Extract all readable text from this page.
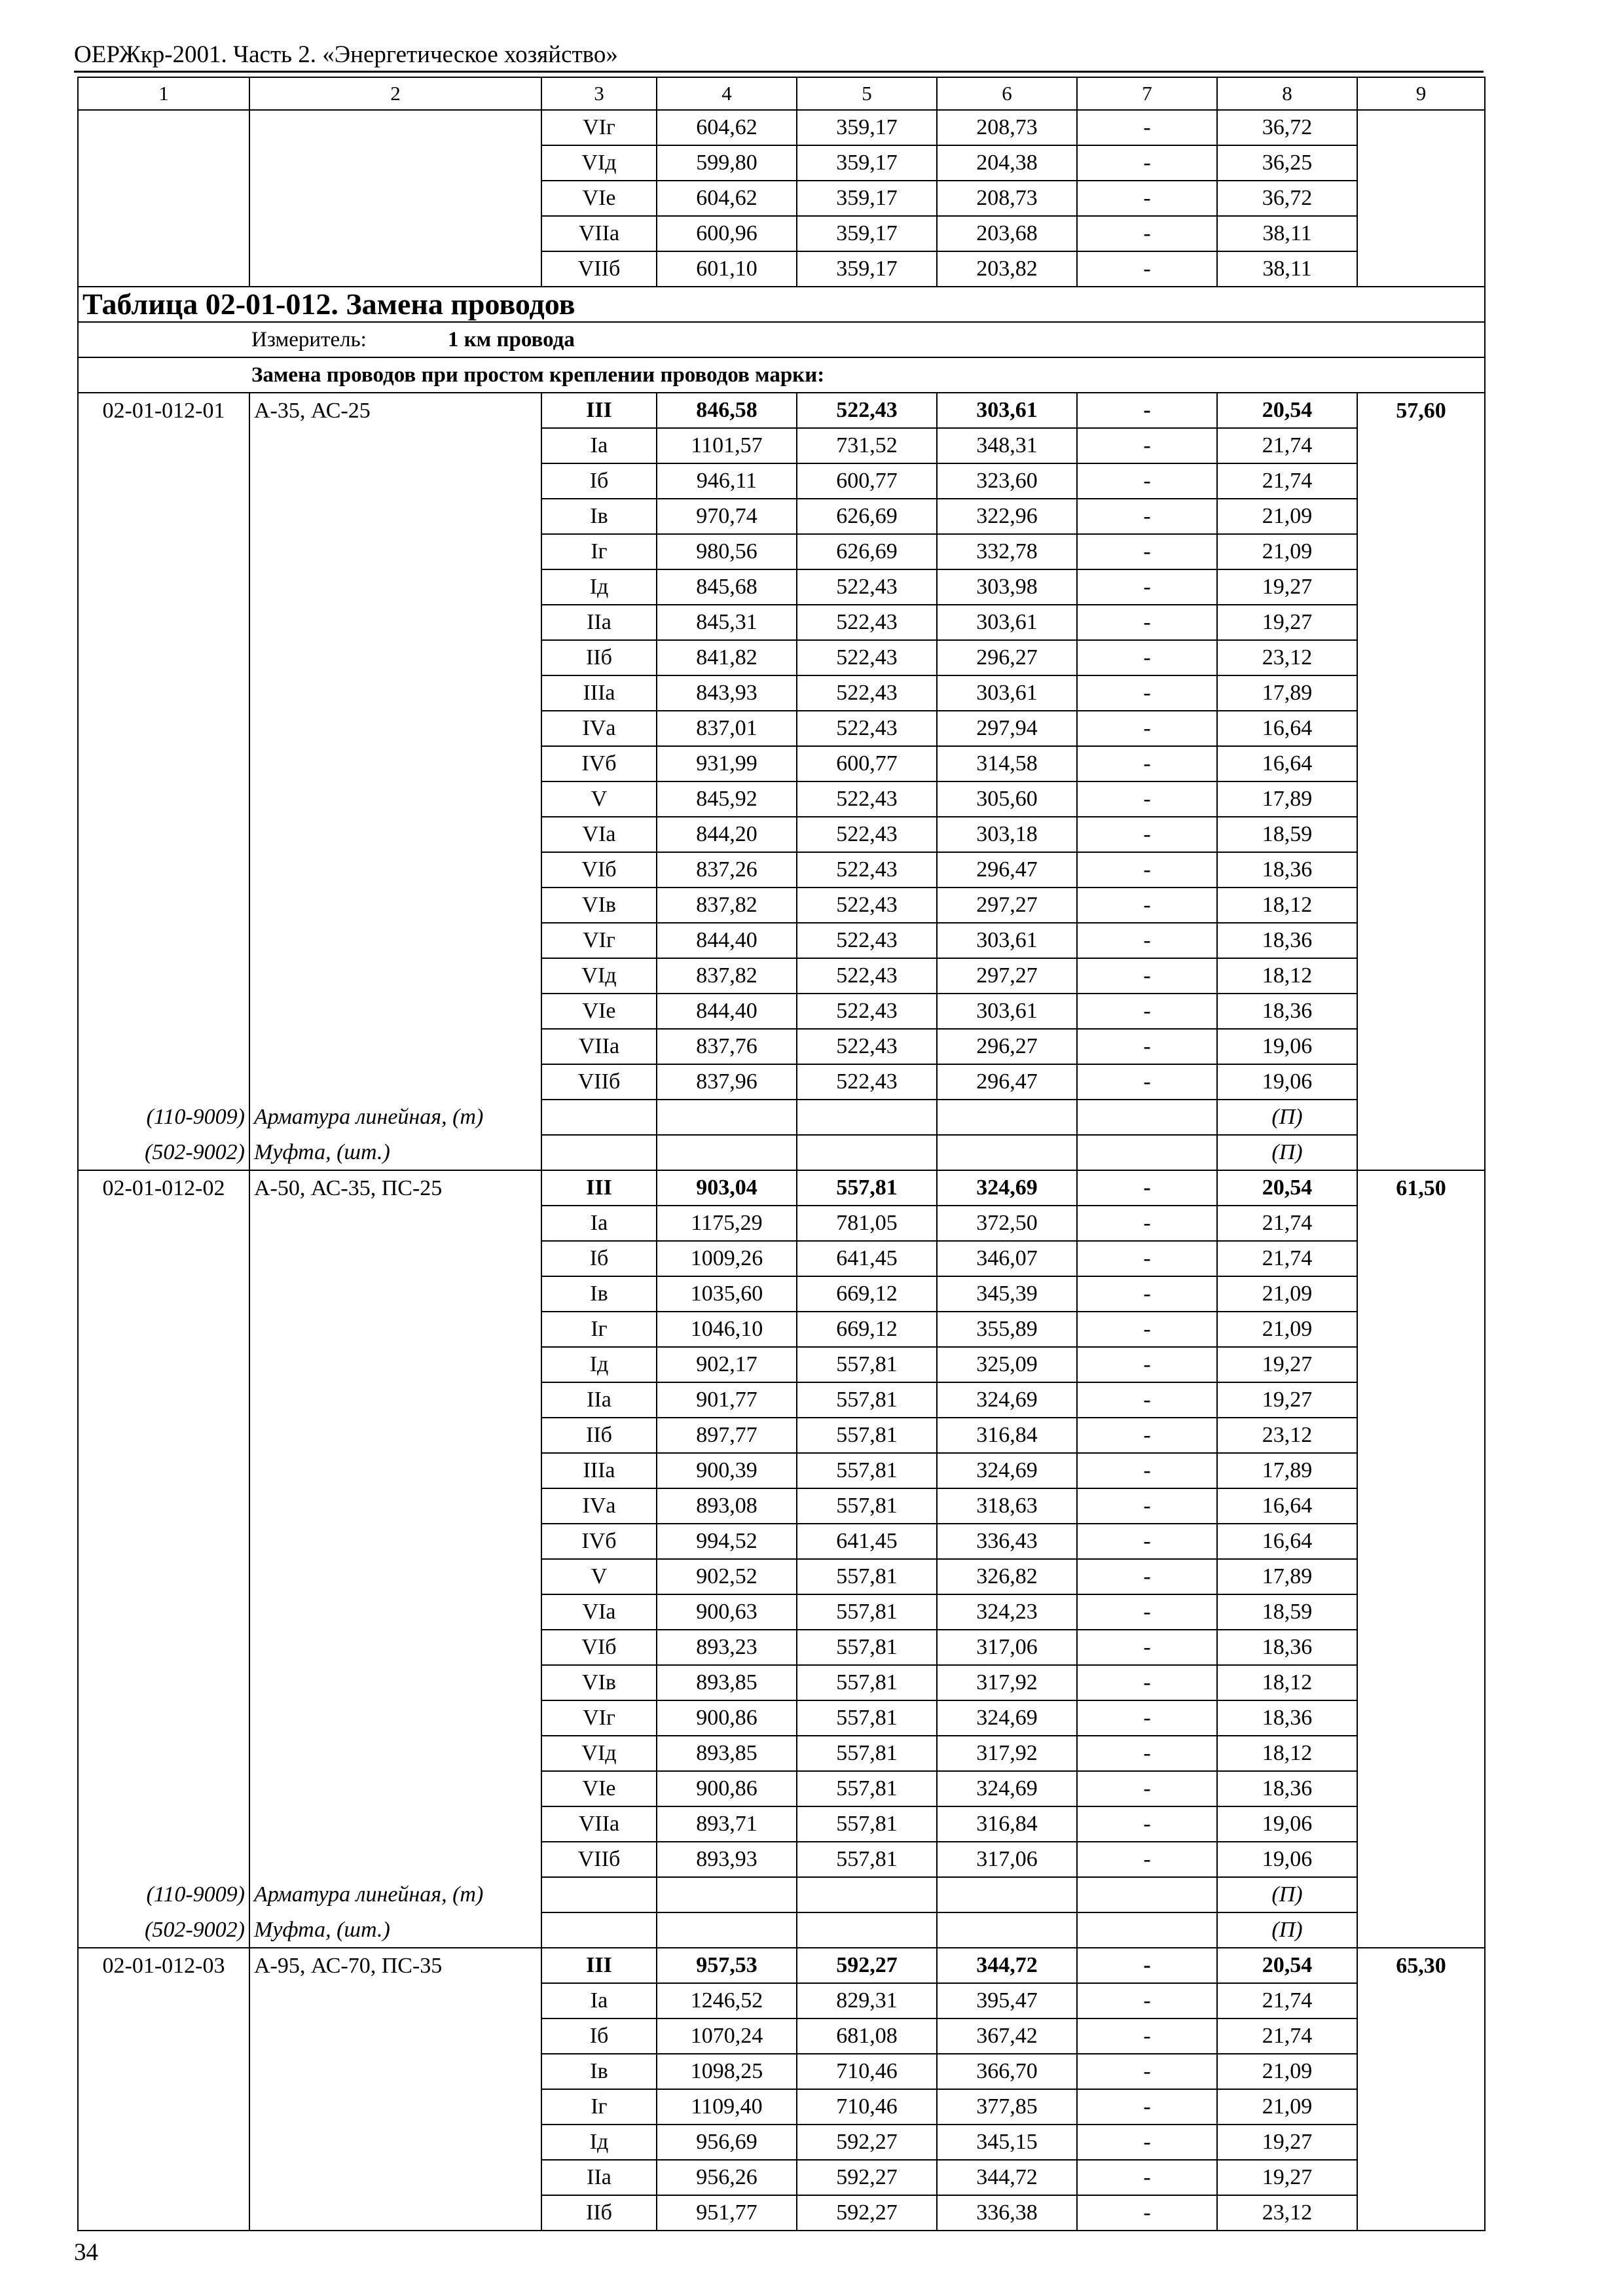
ОЕРЖкр-2001. Часть 2. «Энергетическое хозяйство»
1	2	3	4	5	6	7	8	9
		VIг	604,62	359,17	208,73	-	36,72	
		VIд	599,80	359,17	204,38	-	36,25	
		VIе	604,62	359,17	208,73	-	36,72	
		VIIа	600,96	359,17	203,68	-	38,11	
		VIIб	601,10	359,17	203,82	-	38,11	
Таблица 02-01-012. Замена проводов								
Измеритель: 1 км провода								
Замена проводов при простом креплении проводов марки:								
02-01-012-01	А-35, АС-25	III	846,58	522,43	303,61	-	20,54	57,60
		Iа	1101,57	731,52	348,31	-	21,74	
		Iб	946,11	600,77	323,60	-	21,74	
		Iв	970,74	626,69	322,96	-	21,09	
		Iг	980,56	626,69	332,78	-	21,09	
		Iд	845,68	522,43	303,98	-	19,27	
		IIа	845,31	522,43	303,61	-	19,27	
		IIб	841,82	522,43	296,27	-	23,12	
		IIIа	843,93	522,43	303,61	-	17,89	
		IVа	837,01	522,43	297,94	-	16,64	
		IVб	931,99	600,77	314,58	-	16,64	
		V	845,92	522,43	305,60	-	17,89	
		VIа	844,20	522,43	303,18	-	18,59	
		VIб	837,26	522,43	296,47	-	18,36	
		VIв	837,82	522,43	297,27	-	18,12	
		VIг	844,40	522,43	303,61	-	18,36	
		VIд	837,82	522,43	297,27	-	18,12	
		VIе	844,40	522,43	303,61	-	18,36	
		VIIа	837,76	522,43	296,27	-	19,06	
		VIIб	837,96	522,43	296,47	-	19,06	
(110-9009)	Арматура линейная, (т)						(П)	
(502-9002)	Муфта, (шт.)						(П)	
02-01-012-02	А-50, АС-35, ПС-25	III	903,04	557,81	324,69	-	20,54	61,50
		Iа	1175,29	781,05	372,50	-	21,74	
		Iб	1009,26	641,45	346,07	-	21,74	
		Iв	1035,60	669,12	345,39	-	21,09	
		Iг	1046,10	669,12	355,89	-	21,09	
		Iд	902,17	557,81	325,09	-	19,27	
		IIа	901,77	557,81	324,69	-	19,27	
		IIб	897,77	557,81	316,84	-	23,12	
		IIIа	900,39	557,81	324,69	-	17,89	
		IVа	893,08	557,81	318,63	-	16,64	
		IVб	994,52	641,45	336,43	-	16,64	
		V	902,52	557,81	326,82	-	17,89	
		VIа	900,63	557,81	324,23	-	18,59	
		VIб	893,23	557,81	317,06	-	18,36	
		VIв	893,85	557,81	317,92	-	18,12	
		VIг	900,86	557,81	324,69	-	18,36	
		VIд	893,85	557,81	317,92	-	18,12	
		VIе	900,86	557,81	324,69	-	18,36	
		VIIа	893,71	557,81	316,84	-	19,06	
		VIIб	893,93	557,81	317,06	-	19,06	
(110-9009)	Арматура линейная, (т)						(П)	
(502-9002)	Муфта, (шт.)						(П)	
02-01-012-03	А-95, АС-70, ПС-35	III	957,53	592,27	344,72	-	20,54	65,30
		Iа	1246,52	829,31	395,47	-	21,74	
		Iб	1070,24	681,08	367,42	-	21,74	
		Iв	1098,25	710,46	366,70	-	21,09	
		Iг	1109,40	710,46	377,85	-	21,09	
		Iд	956,69	592,27	345,15	-	19,27	
		IIа	956,26	592,27	344,72	-	19,27	
		IIб	951,77	592,27	336,38	-	23,12	
34
